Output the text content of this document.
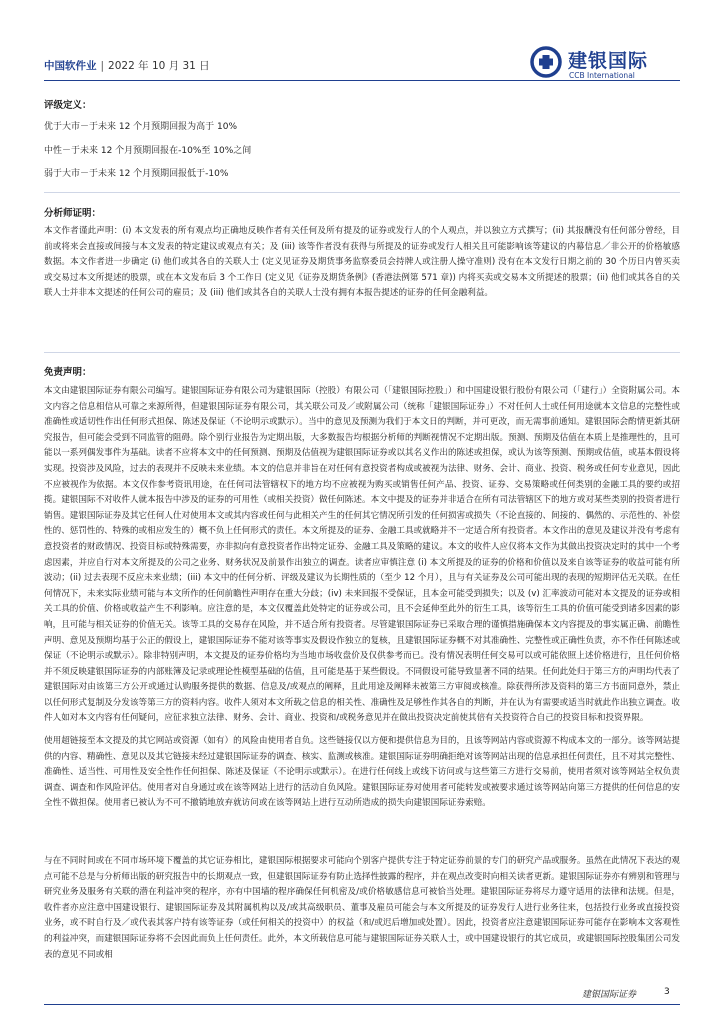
中国软件业 | 2022 年 10 月 31 日	建银国际
CCB International
评级定义：
优于大市－于未来 12 个月预期回报为高于 10%
中性－于未来 12 个月预期回报在-10%至 10%之间
弱于大市－于未来 12 个月预期回报低于-10%
分析师证明：

本文作者谨此声明：(i) 本文发表的所有观点均正确地反映作者有关任何及所有提及的证券或发行人的个人观点，并以独立方式撰写；(ii) 其报酬没有任何部分曾经，目前或将来会直接或间接与本文发表的特定建议或观点有关；及 (iii) 该等作者没有获得与所提及的证券或发行人相关且可能影响该等建议的内幕信息／非公开的价格敏感数据。本文作者进一步确定 (i) 他们或其各自的关联人士 (定义见证券及期货事务监察委员会持牌人或注册人操守准则) 没有在本文发行日期之前的 30 个历日内曾买卖或交易过本文所提述的股票，或在本文发布后 3 个工作日 (定义见《证券及期货条例》(香港法例第 571 章)) 内将买卖或交易本文所提述的股票；(ii) 他们或其各自的关联人士并非本文提述的任何公司的雇员；及 (iii) 他们或其各自的关联人士没有拥有本报告提述的证券的任何金融利益。

免责声明：

本文由建银国际证券有限公司编写。建银国际证券有限公司为建银国际（控股）有限公司（「建银国际控股」）和中国建设银行股份有限公司（「建行」）全资附属公司。本文内容之信息相信从可靠之来源所得，但建银国际证券有限公司，其关联公司及／或附属公司（统称「建银国际证券」）不对任何人士或任何用途就本文信息的完整性或准确性或适切性作出任何形式担保、陈述及保证（不论明示或默示）。当中的意见及预测为我们于本文日的判断，并可更改，而无需事前通知。建银国际会酌情更新其研究报告，但可能会受到不同监管的阻碍。除个别行业报告为定期出版，大多数报告均根据分析师的判断视情况不定期出版。预测、预期及估值在本质上是推理性的，且可能以一系列偶发事件为基础。读者不应将本文中的任何预测、预期及估值视为建银国际证券或以其名义作出的陈述或担保，或认为该等预测、预期或估值，或基本假设将实现。投资涉及风险，过去的表现并不反映未来业绩。本文的信息并非旨在对任何有意投资者构成或被视为法律、财务、会计、商业、投资、税务或任何专业意见，因此不应被视作为依据。本文仅作参考资讯用途，在任何司法管辖权下的地方均不应被视为购买或销售任何产品、投资、证券、交易策略或任何类别的金融工具的要约或招揽。建银国际不对收件人就本报告中涉及的证券的可用性（或相关投资）做任何陈述。本文中提及的证券并非适合在所有司法管辖区下的地方或对某些类别的投资者进行销售。建银国际证券及其它任何人仕对使用本文或其内容或任何与此相关产生的任何其它情况所引发的任何损害或损失（不论直接的、间接的、偶然的、示范性的、补偿性的、惩罚性的、特殊的或相应发生的）概不负上任何形式的责任。本文所提及的证券、金融工具或就略并不一定适合所有投资者。本文作出的意见及建议并没有考虑有意投资者的财政情况、投资目标或特殊需要，亦非拟向有意投资者作出特定证券、金融工具及策略的建议。本文的收件人应仅将本文作为其做出投资决定时的其中一个考虑因素，并应自行对本文所提及的公司之业务、财务状况及前景作出独立的调查。读者应审慎注意 (i) 本文所提及的证券的价格和价值以及来自该等证券的收益可能有所波动；(ii) 过去表现不反应未来业绩；(iii) 本文中的任何分析、评级及建议为长期性质的（至少 12 个月），且与有关证券及公司可能出现的表现的短期评估无关联。在任何情况下，未来实际业绩可能与本文所作的任何前瞻性声明存在重大分歧；(iv) 未来回报不受保证，且本金可能受到损失；以及 (v) 汇率波动可能对本文提及的证券或相关工具的价值、价格或收益产生不利影响。应注意的是，本文仅覆盖此处特定的证券或公司，且不会延伸至此外的衍生工具，该等衍生工具的价值可能受到诸多因素的影响，且可能与相关证券的价值无关。该等工具的交易存在风险，并不适合所有投资者。尽管建银国际证券已采取合理的谨慎措施确保本文内容提及的事实属正确、前瞻性声明、意见及预期均基于公正的假设上，建银国际证券不能对该等事实及假设作独立的复核，且建银国际证券概不对其准确性、完整性或正确性负责，亦不作任何陈述或保证（不论明示或默示）。除非特别声明，本文提及的证券价格均为当地市场收盘价及仅供参考而已。没有情况表明任何交易可以或可能依照上述价格进行，且任何价格并不须反映建银国际证券的内部账簿及记录或理论性模型基础的估值，且可能是基于某些假设。不同假设可能导致显著不同的结果。任何此处归于第三方的声明均代表了建银国际对由该第三方公开或通过认购服务提供的数据、信息及/或观点的阐释，且此用途及阐释未被第三方审阅或核准。除获得所涉及资料的第三方书面同意外，禁止以任何形式复制及分发该等第三方的资料内容。收件人须对本文所载之信息的相关性、准确性及足够性作其各自的判断，并在认为有需要或适当时就此作出独立调查。收件人如对本文内容有任何疑问，应征求独立法律、财务、会计、商业、投资和/或税务意见并在做出投资决定前使其倍有关投资符合自己的投资目标和投资界限。

使用超链接至本文提及的其它网站或资源（如有）的风险由使用者自负。这些链接仅以方便和提供信息为目的，且该等网站内容或资源不构成本文的一部分。该等网站提供的内容、精确性、意见以及其它链接未经过建银国际证券的调查、核实、监测或核准。建银国际证券明确拒绝对该等网站出现的信息承担任何责任，且不对其完整性、准确性、适当性、可用性及安全性作任何担保、陈述及保证（不论明示或默示）。在进行任何线上或线下访问或与这些第三方进行交易前，使用者须对该等网站全权负责调查、调查和作风险评估。使用者对自身通过或在该等网站上进行的活动自负风险。建银国际证券对使用者可能转发或被要求通过该等网站向第三方提供的任何信息的安全性不做担保。使用者已被认为不可不撤销地放弃就访问或在该等网站上进行互动所造成的损失向建银国际证券索赔。

与在不同时间或在不同市场环境下覆盖的其它证券相比，建银国际根据要求可能向个别客户提供专注于特定证券前景的专门的研究产品或服务。虽然在此情况下表达的观点可能不总是与分析师出版的研究报告中的长期观点一致，但建银国际证券有防止选择性披露的程序，并在观点改变时向相关读者更新。建银国际证券亦有辨别和管理与研究业务及服务有关联的潜在利益冲突的程序，亦有中国墙的程序确保任何机密及/或价格敏感信息可被恰当处理。建银国际证券将尽力遵守适用的法律和法规。但是，收件者亦应注意中国建设银行、建银国际证券及其附属机构以及/或其高级职员、董事及雇员可能会与本文所提及的证券发行人进行业务往来，包括投行业务或直接投资业务，或不时自行及／或代表其客户持有该等证券（或任何相关的投资中）的权益（和/或迟后增加或处置）。因此，投资者应注意建银国际证券可能存在影响本文客观性的利益冲突，而建银国际证券将不会因此而负上任何责任。此外，本文所载信息可能与建银国际证券关联人士，或中国建设银行的其它成员，或建银国际控股集团公司发表的意见不同或相

建银国际证券	3
